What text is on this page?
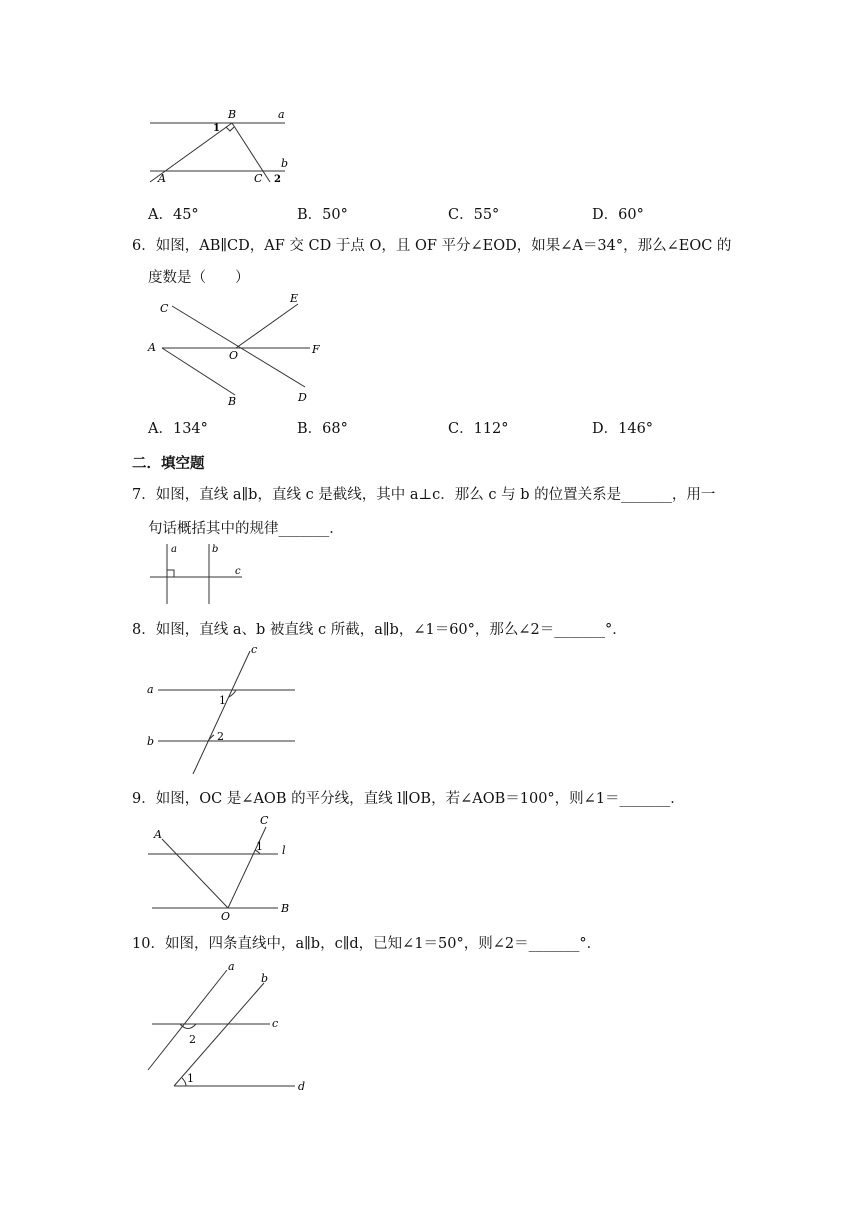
B	a
1
b
A	C 2
A．45°	B．50°	C．55°	D．60°
6．如图，AB∥CD，AF 交 CD 于点 O，且 OF 平分∠EOD，如果∠A＝34°，那么∠EOC 的
度数是（　　）
C
E
A
O	F
B	D
A．134°	B．68°	C．112°	D．146°
二．填空题
7．如图，直线 a∥b，直线 c 是截线，其中 a⊥c．那么 c 与 b 的位置关系是_______，用一
句话概括其中的规律_______．
a	b
c
8．如图，直线 a、b 被直线 c 所截，a∥b，∠1＝60°，那么∠2＝_______°．
c
a
1
b	2
9．如图，OC 是∠AOB 的平分线，直线 l∥OB，若∠AOB＝100°，则∠1＝_______．
A
C
1 l
O
B
10．如图，四条直线中，a∥b，c∥d，已知∠1＝50°，则∠2＝_______°．
a
b
c
2
1
d
